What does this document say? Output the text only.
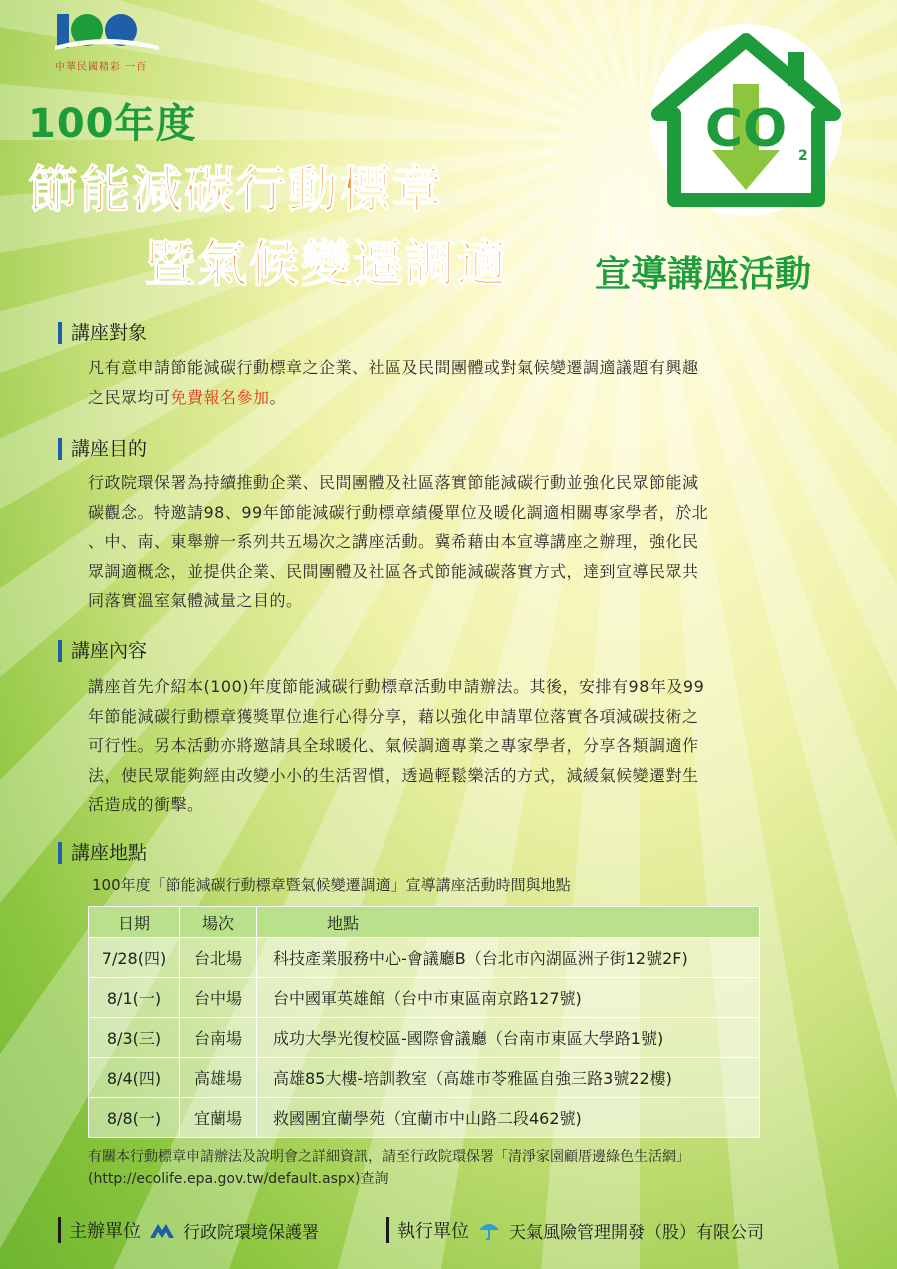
中華民國精彩 一百
100年度
節能減碳行動標章
暨氣候變遷調適 宣導講座活動
CO 2
講座對象
凡有意申請節能減碳行動標章之企業、社區及民間團體或對氣候變遷調適議題有興趣
之民眾均可免費報名參加。
講座目的
行政院環保署為持續推動企業、民間團體及社區落實節能減碳行動並強化民眾節能減
碳觀念。特邀請98、99年節能減碳行動標章績優單位及暖化調適相關專家學者，於北
、中、南、東舉辦一系列共五場次之講座活動。冀希藉由本宣導講座之辦理，強化民
眾調適概念，並提供企業、民間團體及社區各式節能減碳落實方式，達到宣導民眾共
同落實溫室氣體減量之目的。
講座內容
講座首先介紹本(100)年度節能減碳行動標章活動申請辦法。其後，安排有98年及99
年節能減碳行動標章獲獎單位進行心得分享，藉以強化申請單位落實各項減碳技術之
可行性。另本活動亦將邀請具全球暖化、氣候調適專業之專家學者，分享各類調適作
法，使民眾能夠經由改變小小的生活習慣，透過輕鬆樂活的方式，減緩氣候變遷對生
活造成的衝擊。
講座地點
100年度「節能減碳行動標章暨氣候變遷調適」宣導講座活動時間與地點
日期	場次	地點
7/28(四)	台北場	科技產業服務中心-會議廳B（台北市內湖區洲子街12號2F)
8/1(一)	台中場	台中國軍英雄館（台中市東區南京路127號)
8/3(三)	台南場	成功大學光復校區-國際會議廳（台南市東區大學路1號)
8/4(四)	高雄場	高雄85大樓-培訓教室（高雄市苓雅區自強三路3號22樓)
8/8(一)	宜蘭場	救國團宜蘭學苑（宜蘭市中山路二段462號)
有關本行動標章申請辦法及說明會之詳細資訊，請至行政院環保署「清淨家園顧厝邊綠色生活網」
(http://ecolife.epa.gov.tw/default.aspx)查詢
主辦單位 行政院環境保護署	執行單位 天氣風險管理開發（股）有限公司
